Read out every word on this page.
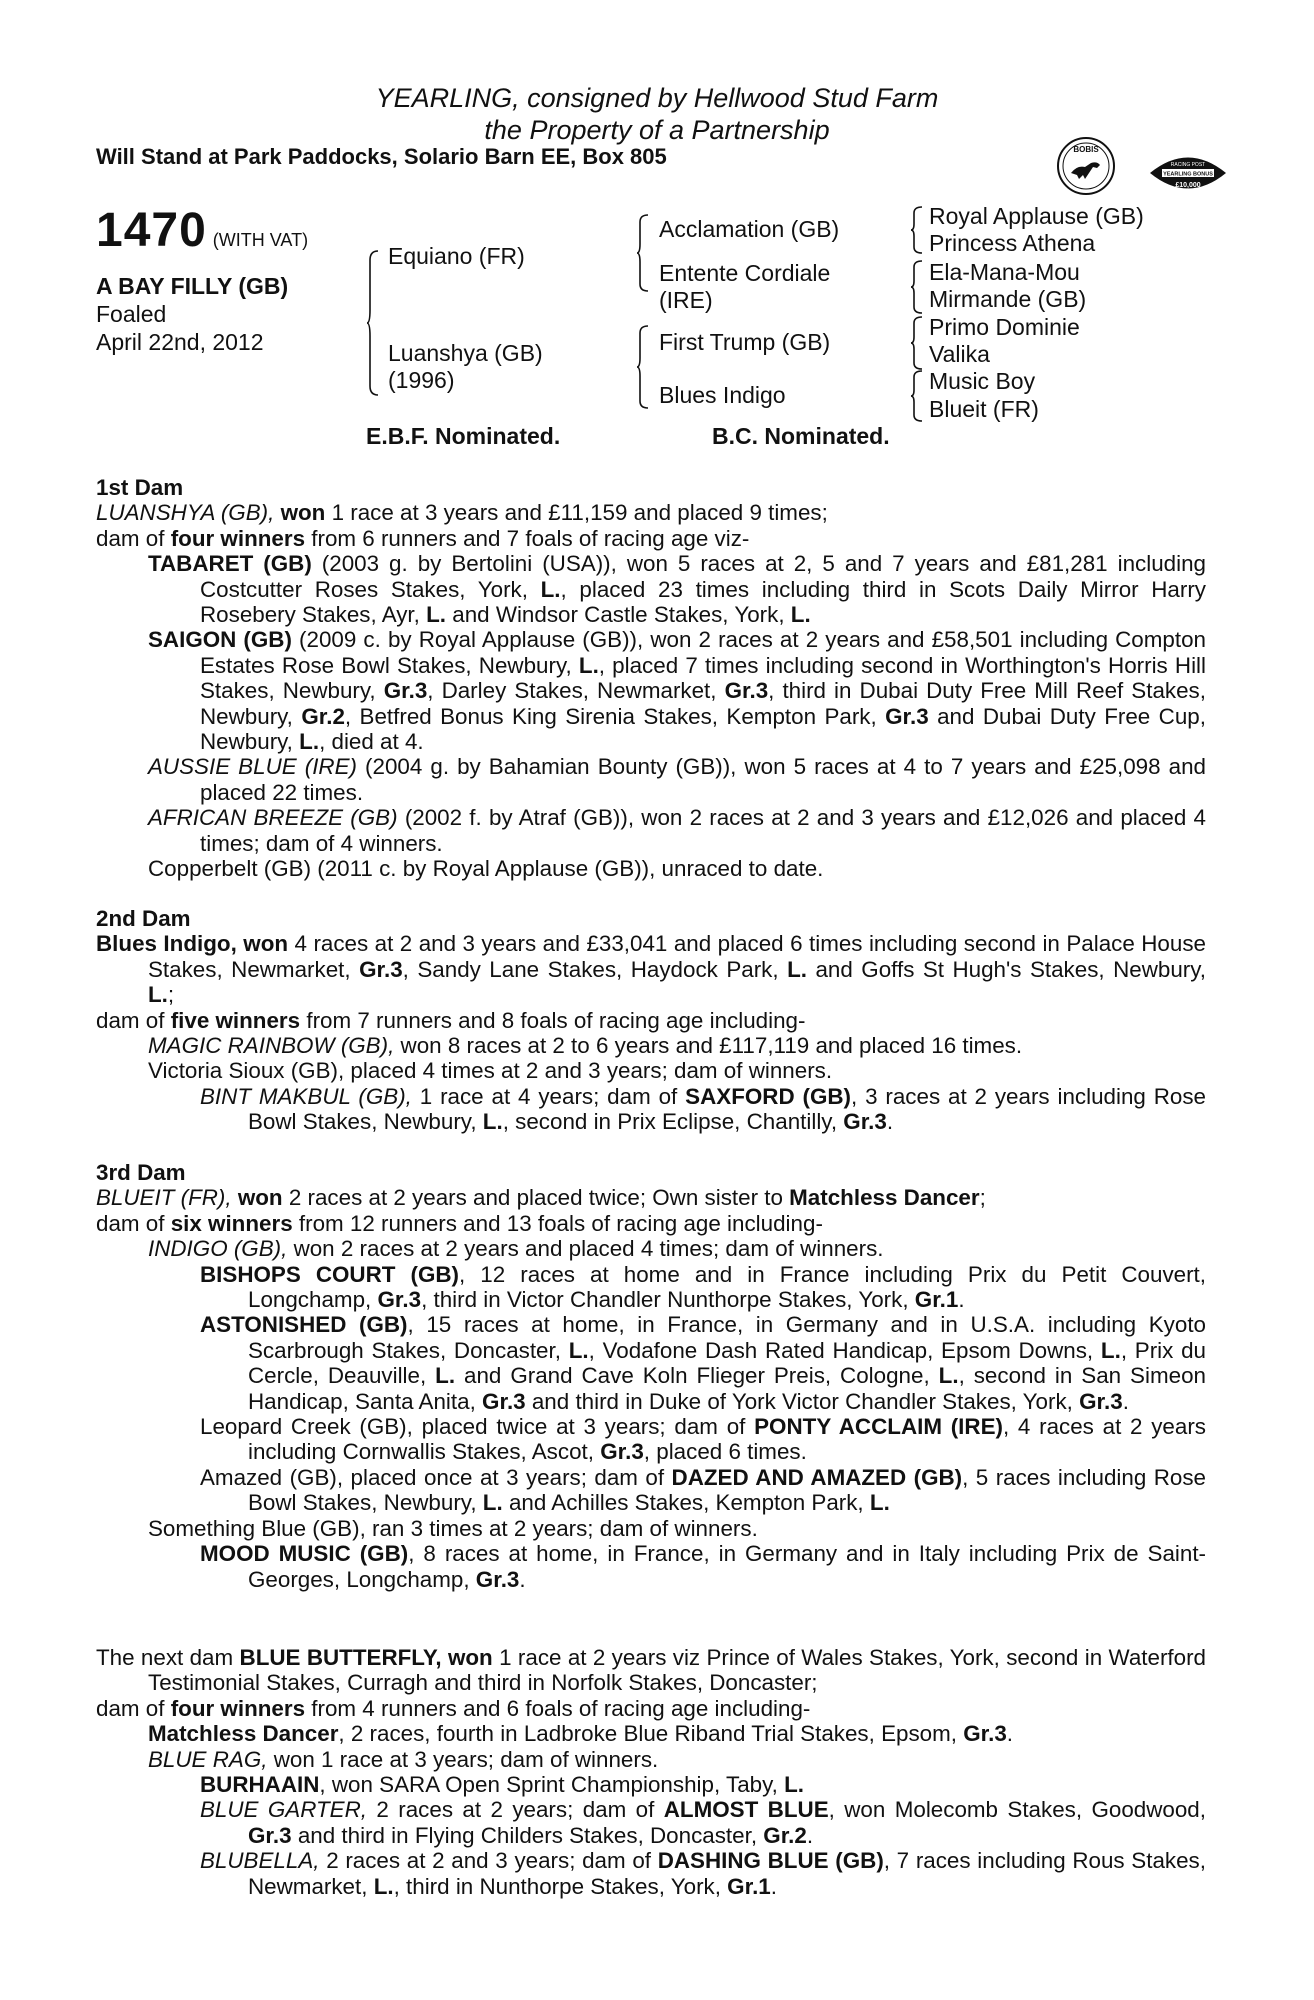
YEARLING, consigned by Hellwood Stud Farm
the Property of a Partnership
Will Stand at Park Paddocks, Solario Barn EE, Box 805	BOBIS
RACING POST
YEARLING BONUS
£10,000
1470 (WITH VAT)
A BAY FILLY (GB)
Foaled
April 22nd, 2012
Equiano (FR)
Luanshya (GB)
(1996)
Acclamation (GB)
Entente Cordiale
(IRE)
First Trump (GB)
Blues Indigo
Royal Applause (GB)
Princess Athena
Ela-Mana-Mou
Mirmande (GB)
Primo Dominie
Valika
Music Boy
Blueit (FR)
E.B.F. Nominated.	B.C. Nominated.

1st Dam

LUANSHYA (GB), won 1 race at 3 years and £11,159 and placed 9 times;

dam of four winners from 6 runners and 7 foals of racing age viz-

TABARET (GB) (2003 g. by Bertolini (USA)), won 5 races at 2, 5 and 7 years and £81,281 including Costcutter Roses Stakes, York, L., placed 23 times including third in Scots Daily Mirror Harry Rosebery Stakes, Ayr, L. and Windsor Castle Stakes, York, L.

SAIGON (GB) (2009 c. by Royal Applause (GB)), won 2 races at 2 years and £58,501 including Compton Estates Rose Bowl Stakes, Newbury, L., placed 7 times including second in Worthington's Horris Hill Stakes, Newbury, Gr.3, Darley Stakes, Newmarket, Gr.3, third in Dubai Duty Free Mill Reef Stakes, Newbury, Gr.2, Betfred Bonus King Sirenia Stakes, Kempton Park, Gr.3 and Dubai Duty Free Cup, Newbury, L., died at 4.

AUSSIE BLUE (IRE) (2004 g. by Bahamian Bounty (GB)), won 5 races at 4 to 7 years and £25,098 and placed 22 times.

AFRICAN BREEZE (GB) (2002 f. by Atraf (GB)), won 2 races at 2 and 3 years and £12,026 and placed 4 times; dam of 4 winners.

Copperbelt (GB) (2011 c. by Royal Applause (GB)), unraced to date.

2nd Dam

Blues Indigo, won 4 races at 2 and 3 years and £33,041 and placed 6 times including second in Palace House Stakes, Newmarket, Gr.3, Sandy Lane Stakes, Haydock Park, L. and Goffs St Hugh's Stakes, Newbury, L.;

dam of five winners from 7 runners and 8 foals of racing age including-

MAGIC RAINBOW (GB), won 8 races at 2 to 6 years and £117,119 and placed 16 times.

Victoria Sioux (GB), placed 4 times at 2 and 3 years; dam of winners.

BINT MAKBUL (GB), 1 race at 4 years; dam of SAXFORD (GB), 3 races at 2 years including Rose Bowl Stakes, Newbury, L., second in Prix Eclipse, Chantilly, Gr.3.

3rd Dam

BLUEIT (FR), won 2 races at 2 years and placed twice; Own sister to Matchless Dancer;

dam of six winners from 12 runners and 13 foals of racing age including-

INDIGO (GB), won 2 races at 2 years and placed 4 times; dam of winners.

BISHOPS COURT (GB), 12 races at home and in France including Prix du Petit Couvert, Longchamp, Gr.3, third in Victor Chandler Nunthorpe Stakes, York, Gr.1.

ASTONISHED (GB), 15 races at home, in France, in Germany and in U.S.A. including Kyoto Scarbrough Stakes, Doncaster, L., Vodafone Dash Rated Handicap, Epsom Downs, L., Prix du Cercle, Deauville, L. and Grand Cave Koln Flieger Preis, Cologne, L., second in San Simeon Handicap, Santa Anita, Gr.3 and third in Duke of York Victor Chandler Stakes, York, Gr.3.

Leopard Creek (GB), placed twice at 3 years; dam of PONTY ACCLAIM (IRE), 4 races at 2 years including Cornwallis Stakes, Ascot, Gr.3, placed 6 times.

Amazed (GB), placed once at 3 years; dam of DAZED AND AMAZED (GB), 5 races including Rose Bowl Stakes, Newbury, L. and Achilles Stakes, Kempton Park, L.

Something Blue (GB), ran 3 times at 2 years; dam of winners.

MOOD MUSIC (GB), 8 races at home, in France, in Germany and in Italy including Prix de Saint-Georges, Longchamp, Gr.3.

The next dam BLUE BUTTERFLY, won 1 race at 2 years viz Prince of Wales Stakes, York, second in Waterford Testimonial Stakes, Curragh and third in Norfolk Stakes, Doncaster;

dam of four winners from 4 runners and 6 foals of racing age including-

Matchless Dancer, 2 races, fourth in Ladbroke Blue Riband Trial Stakes, Epsom, Gr.3.

BLUE RAG, won 1 race at 3 years; dam of winners.

BURHAAIN, won SARA Open Sprint Championship, Taby, L.

BLUE GARTER, 2 races at 2 years; dam of ALMOST BLUE, won Molecomb Stakes, Goodwood, Gr.3 and third in Flying Childers Stakes, Doncaster, Gr.2.

BLUBELLA, 2 races at 2 and 3 years; dam of DASHING BLUE (GB), 7 races including Rous Stakes, Newmarket, L., third in Nunthorpe Stakes, York, Gr.1.
